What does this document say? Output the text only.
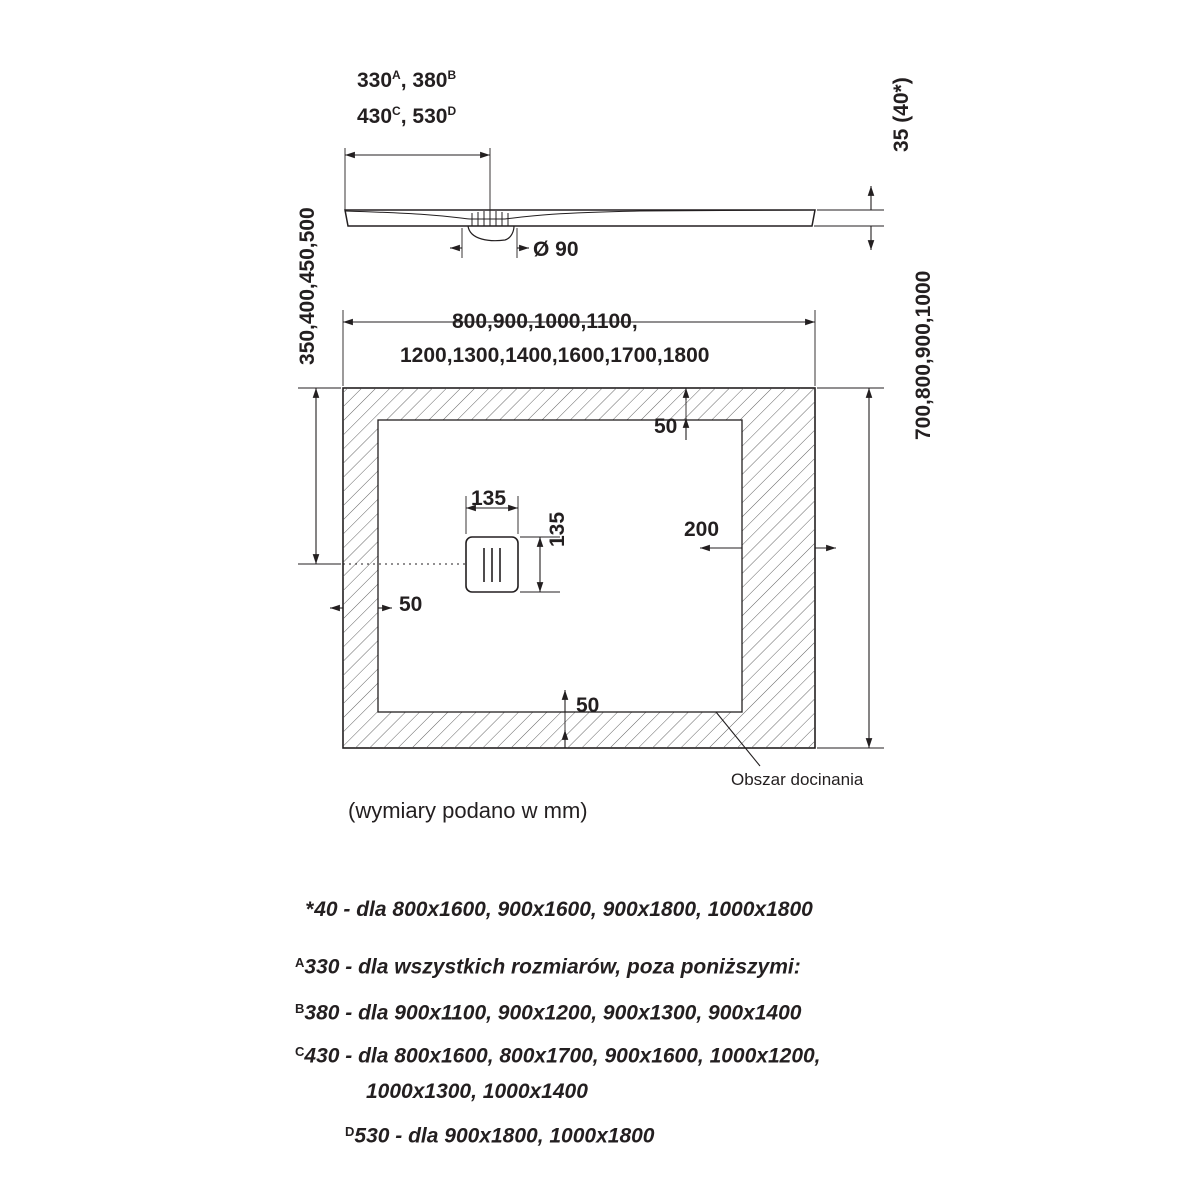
$330^A$, $380^B$
$430^C$, $530^D$
Ø 90
35 (40*)
800,900,1000,1100,
1200,1300,1400,1600,1700,1800
350,400,450,500	700,800,900,1000
50
50
50
200
135
135
Obszar docinania
(wymiary podano w mm)
*40 - dla 800x1600, 900x1600, 900x1800, 1000x1800
$^A$330 - dla wszystkich rozmiarów, poza poniższymi:
$^B$380 - dla 900x1100, 900x1200, 900x1300, 900x1400
$^C$430 - dla 800x1600, 800x1700, 900x1600, 1000x1200,
1000x1300, 1000x1400
$^D$530 - dla 900x1800, 1000x1800
